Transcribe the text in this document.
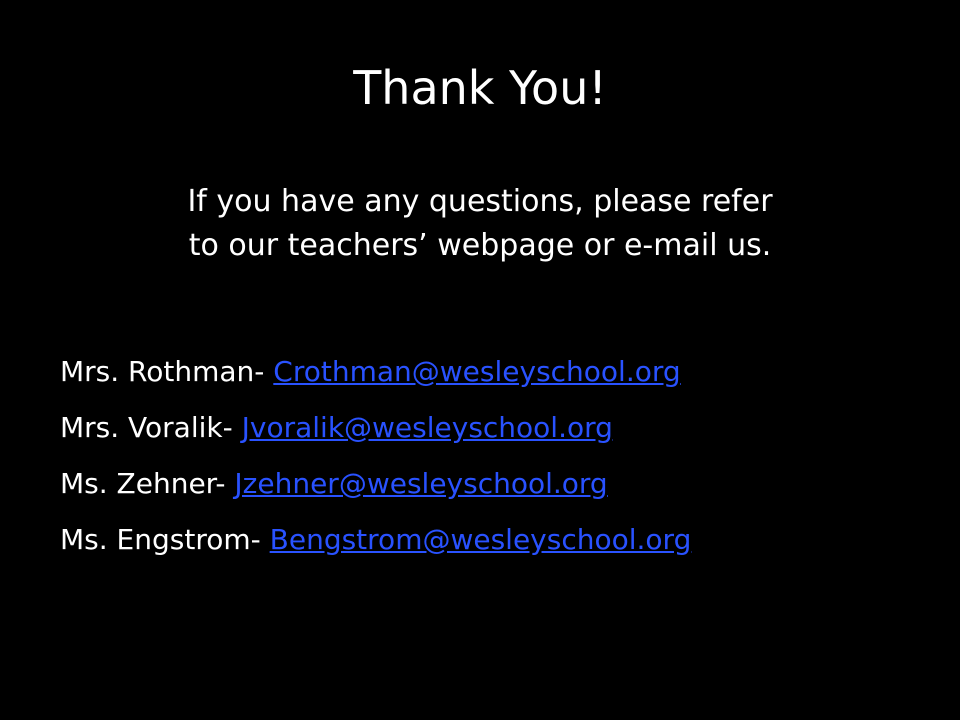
Thank You!
If you have any questions, please refer
to our teachers’ webpage or e-mail us.
Mrs. Rothman- Crothman@wesleyschool.org
Mrs. Voralik- Jvoralik@wesleyschool.org
Ms. Zehner- Jzehner@wesleyschool.org
Ms. Engstrom- Bengstrom@wesleyschool.org
